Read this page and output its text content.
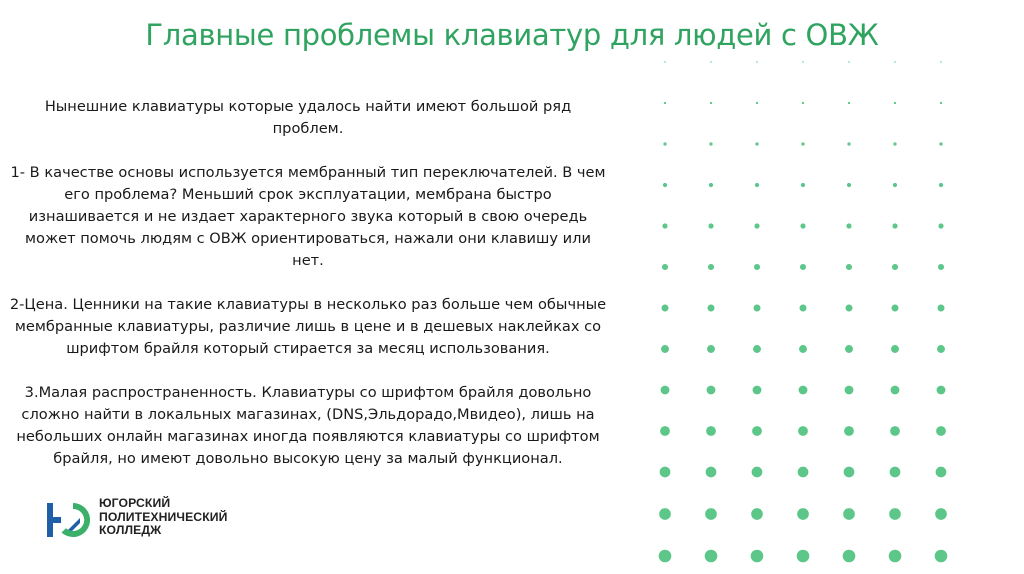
Главные проблемы клавиатур для людей с ОВЖ

Нынешние клавиатуры которые удалось найти имеют большой ряд проблем.

1- В качестве основы используется мембранный тип переключателей. В чем его проблема? Меньший срок эксплуатации, мембрана быстро изнашивается и не издает характерного звука который в свою очередь может помочь людям с ОВЖ ориентироваться, нажали они клавишу или нет.

2-Цена. Ценники на такие клавиатуры в несколько раз больше чем обычные мембранные клавиатуры, различие лишь в цене и в дешевых наклейках со шрифтом брайля который стирается за месяц использования.

3.Малая распространенность. Клавиатуры со шрифтом брайля довольно сложно найти в локальных магазинах, (DNS,Эльдорадо,Мвидео), лишь на небольших онлайн магазинах иногда появляются клавиатуры со шрифтом брайля, но имеют довольно высокую цену за малый функционал.

ЮГОРСКИЙ
ПОЛИТЕХНИЧЕСКИЙ
КОЛЛЕДЖ
